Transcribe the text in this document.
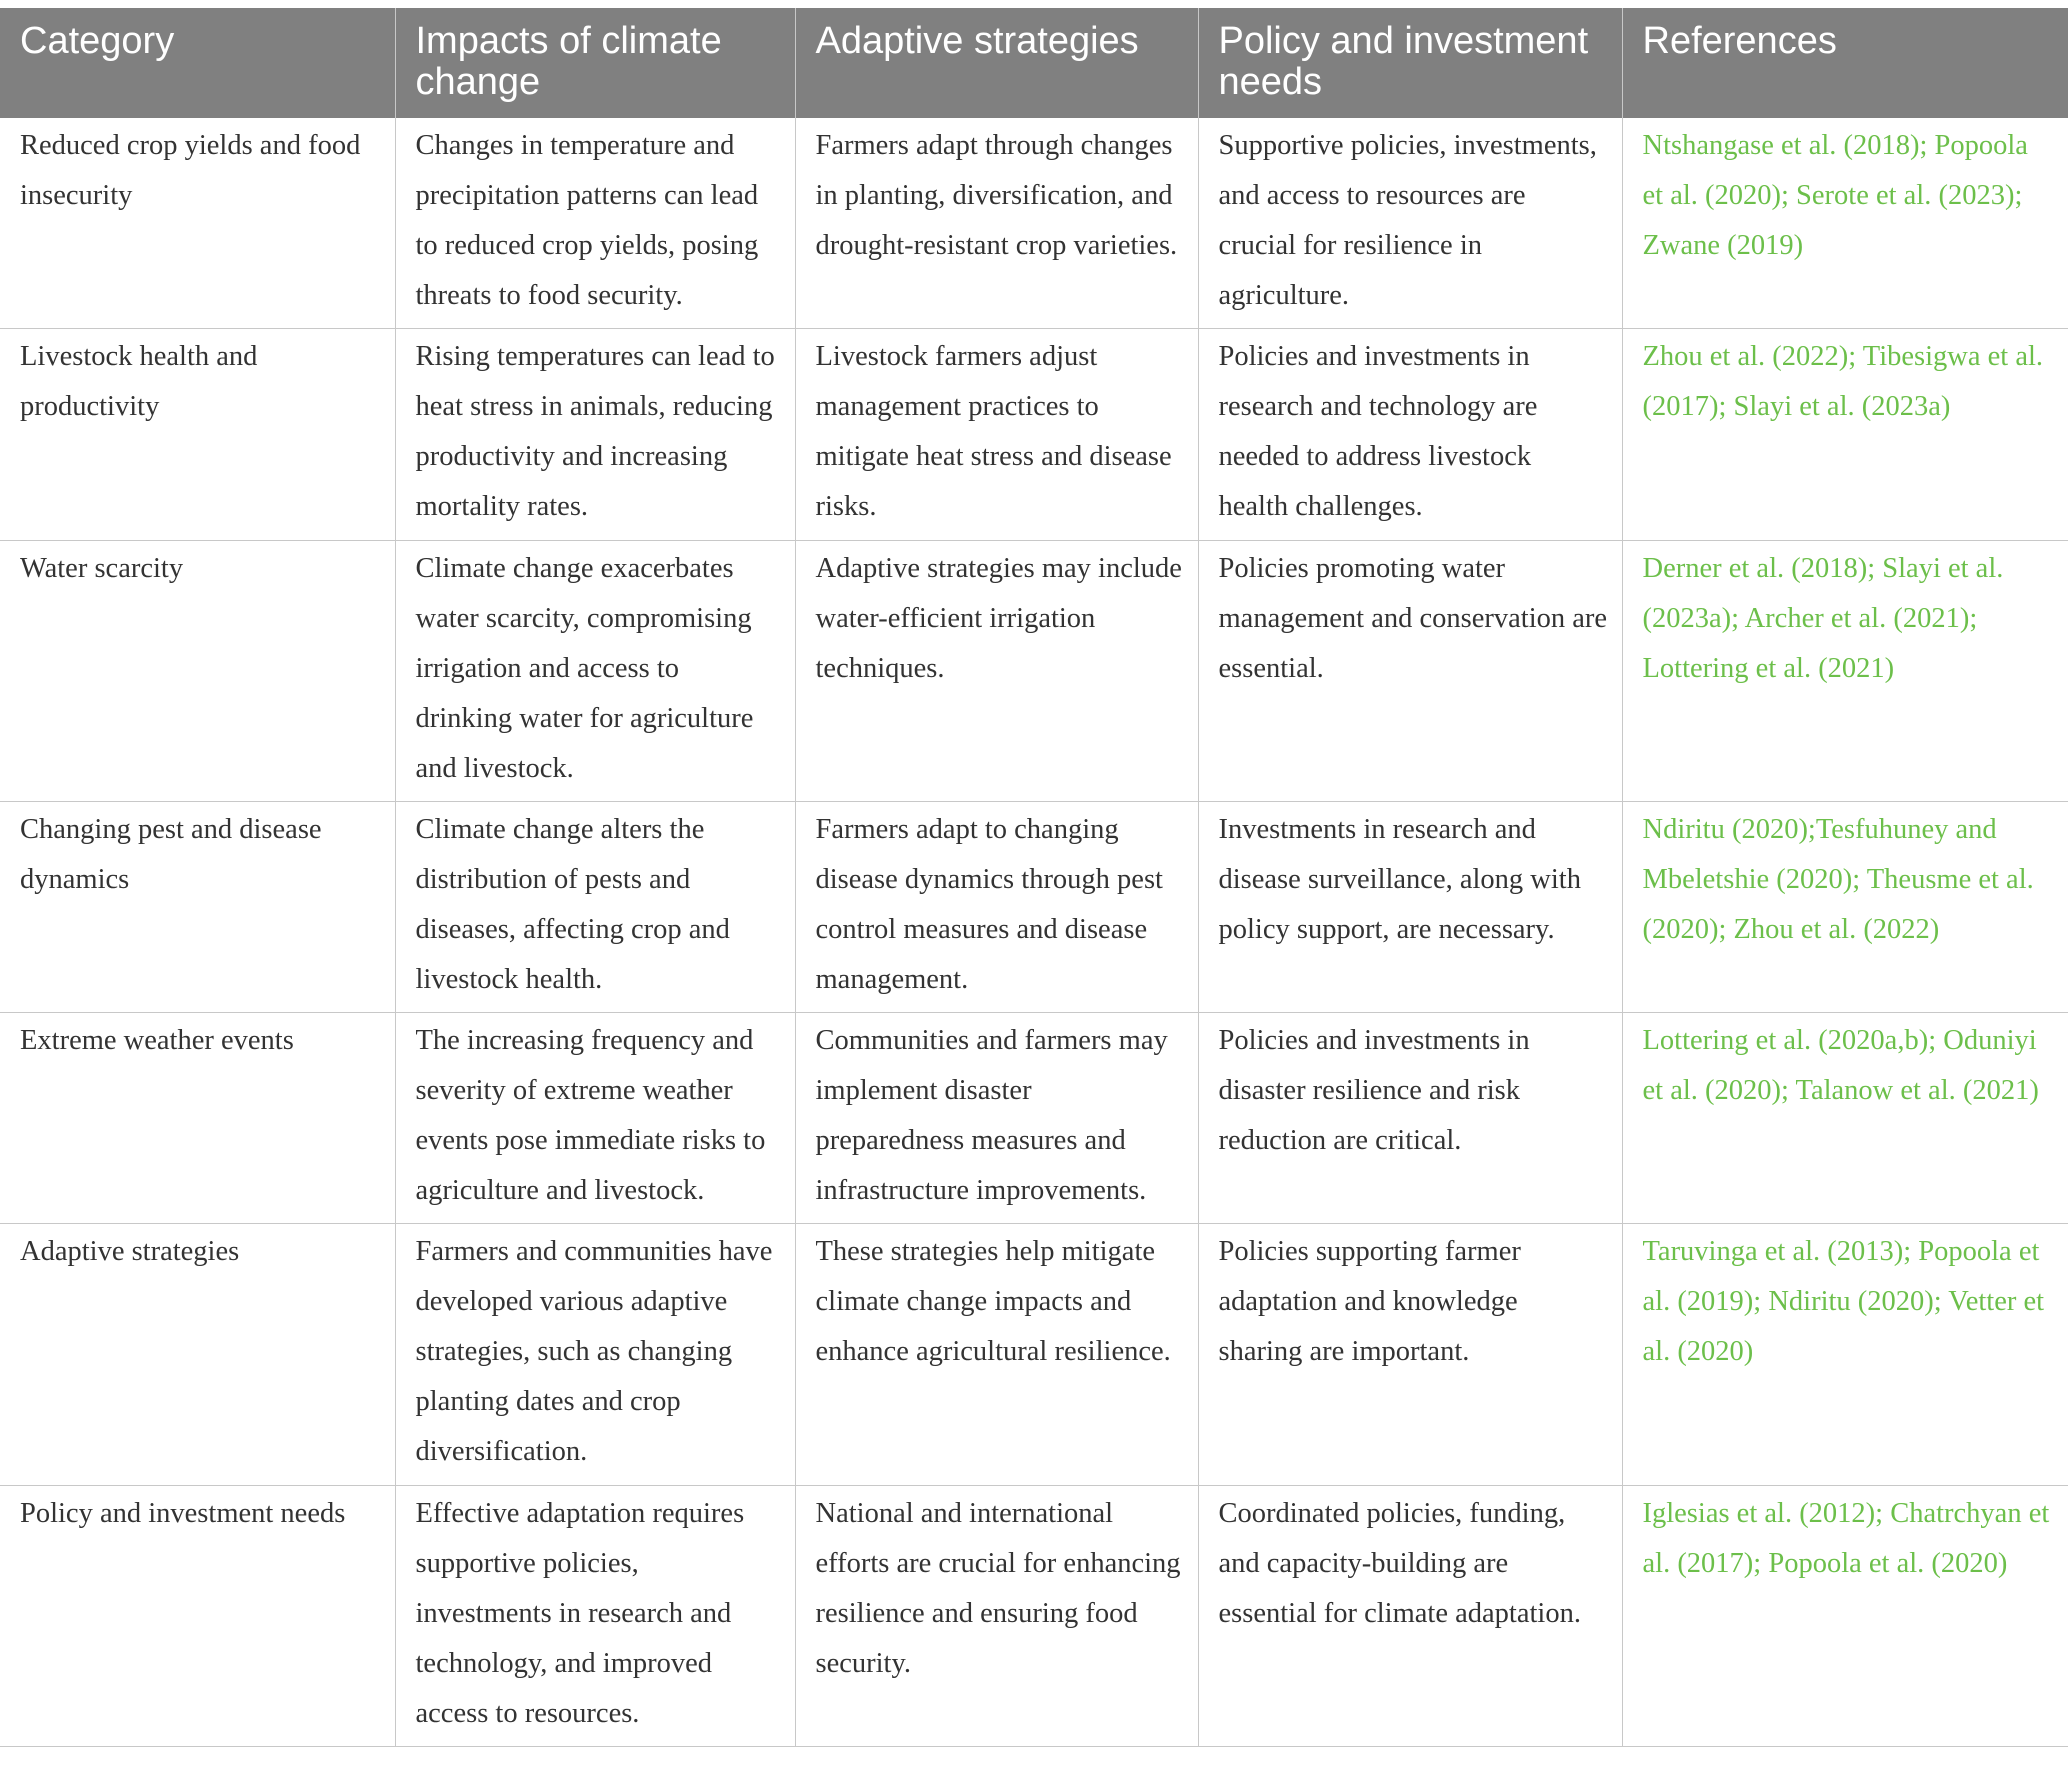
Category	Impacts of climate change	Adaptive strategies	Policy and investment needs	References
Reduced crop yields and food insecurity	Changes in temperature and precipitation patterns can lead to reduced crop yields, posing threats to food security.	Farmers adapt through changes in planting, diversification, and drought-resistant crop varieties.	Supportive policies, investments, and access to resources are crucial for resilience in agriculture.	Ntshangase et al. (2018); Popoola et al. (2020); Serote et al. (2023); Zwane (2019)
Livestock health and productivity	Rising temperatures can lead to heat stress in animals, reducing productivity and increasing mortality rates.	Livestock farmers adjust management practices to mitigate heat stress and disease risks.	Policies and investments in research and technology are needed to address livestock health challenges.	Zhou et al. (2022); Tibesigwa et al. (2017); Slayi et al. (2023a)
Water scarcity	Climate change exacerbates water scarcity, compromising irrigation and access to drinking water for agriculture and livestock.	Adaptive strategies may include water-efficient irrigation techniques.	Policies promoting water management and conservation are essential.	Derner et al. (2018); Slayi et al. (2023a); Archer et al. (2021); Lottering et al. (2021)
Changing pest and disease dynamics	Climate change alters the distribution of pests and diseases, affecting crop and livestock health.	Farmers adapt to changing disease dynamics through pest control measures and disease management.	Investments in research and disease surveillance, along with policy support, are necessary.	Ndiritu (2020);Tesfuhuney and Mbeletshie (2020); Theusme et al. (2020); Zhou et al. (2022)
Extreme weather events	The increasing frequency and severity of extreme weather events pose immediate risks to agriculture and livestock.	Communities and farmers may implement disaster preparedness measures and infrastructure improvements.	Policies and investments in disaster resilience and risk reduction are critical.	Lottering et al. (2020a,b); Oduniyi et al. (2020); Talanow et al. (2021)
Adaptive strategies	Farmers and communities have developed various adaptive strategies, such as changing planting dates and crop diversification.	These strategies help mitigate climate change impacts and enhance agricultural resilience.	Policies supporting farmer adaptation and knowledge sharing are important.	Taruvinga et al. (2013); Popoola et al. (2019); Ndiritu (2020); Vetter et al. (2020)
Policy and investment needs	Effective adaptation requires supportive policies, investments in research and technology, and improved access to resources.	National and international efforts are crucial for enhancing resilience and ensuring food security.	Coordinated policies, funding, and capacity-building are essential for climate adaptation.	Iglesias et al. (2012); Chatrchyan et al. (2017); Popoola et al. (2020)
